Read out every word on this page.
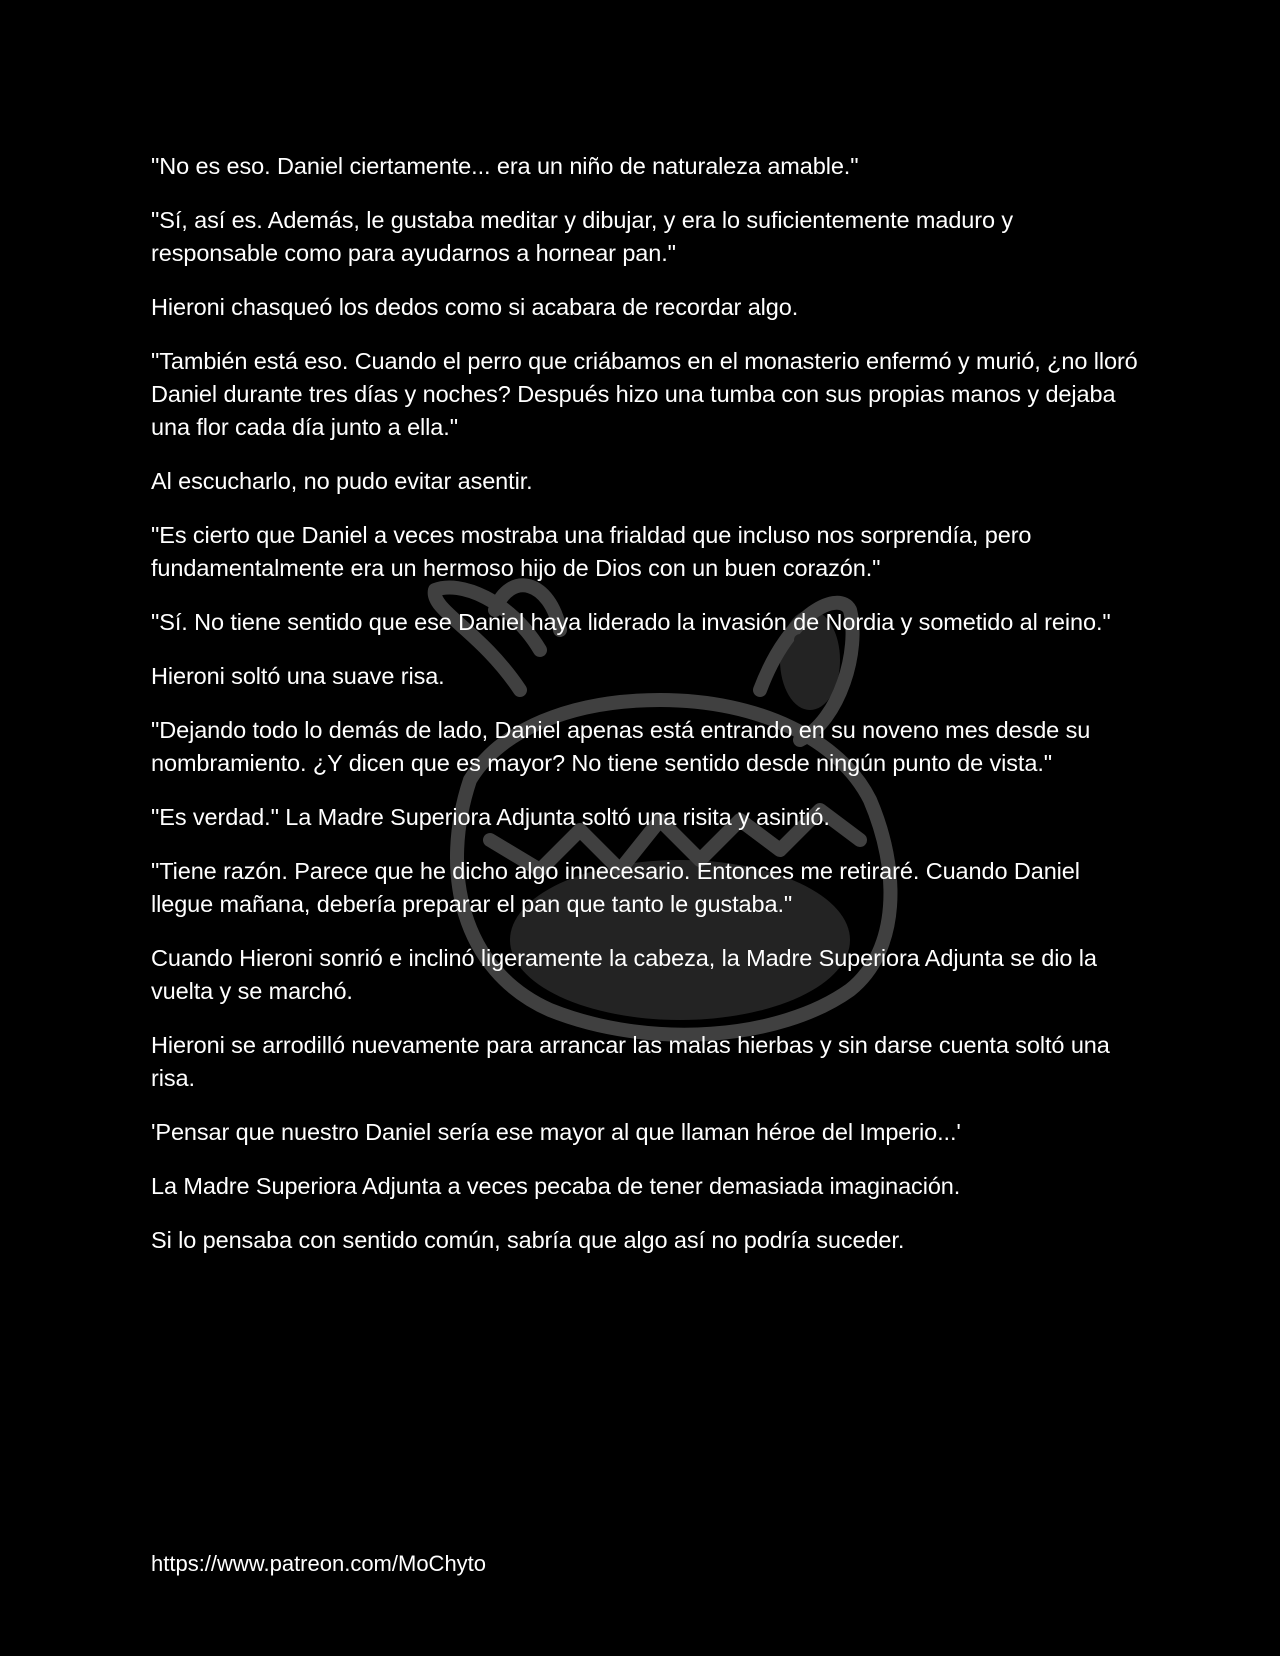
"No es eso. Daniel ciertamente... era un niño de naturaleza amable."

"Sí, así es. Además, le gustaba meditar y dibujar, y era lo suficientemente maduro y responsable como para ayudarnos a hornear pan."

Hieroni chasqueó los dedos como si acabara de recordar algo.

"También está eso. Cuando el perro que criábamos en el monasterio enfermó y murió, ¿no lloró Daniel durante tres días y noches? Después hizo una tumba con sus propias manos y dejaba una flor cada día junto a ella."

Al escucharlo, no pudo evitar asentir.

"Es cierto que Daniel a veces mostraba una frialdad que incluso nos sorprendía, pero fundamentalmente era un hermoso hijo de Dios con un buen corazón."

"Sí. No tiene sentido que ese Daniel haya liderado la invasión de Nordia y sometido al reino."

Hieroni soltó una suave risa.

"Dejando todo lo demás de lado, Daniel apenas está entrando en su noveno mes desde su nombramiento. ¿Y dicen que es mayor? No tiene sentido desde ningún punto de vista."

"Es verdad." La Madre Superiora Adjunta soltó una risita y asintió.

"Tiene razón. Parece que he dicho algo innecesario. Entonces me retiraré. Cuando Daniel llegue mañana, debería preparar el pan que tanto le gustaba."

Cuando Hieroni sonrió e inclinó ligeramente la cabeza, la Madre Superiora Adjunta se dio la vuelta y se marchó.

Hieroni se arrodilló nuevamente para arrancar las malas hierbas y sin darse cuenta soltó una risa.

'Pensar que nuestro Daniel sería ese mayor al que llaman héroe del Imperio...'

La Madre Superiora Adjunta a veces pecaba de tener demasiada imaginación.

Si lo pensaba con sentido común, sabría que algo así no podría suceder.

https://www.patreon.com/MoChyto
